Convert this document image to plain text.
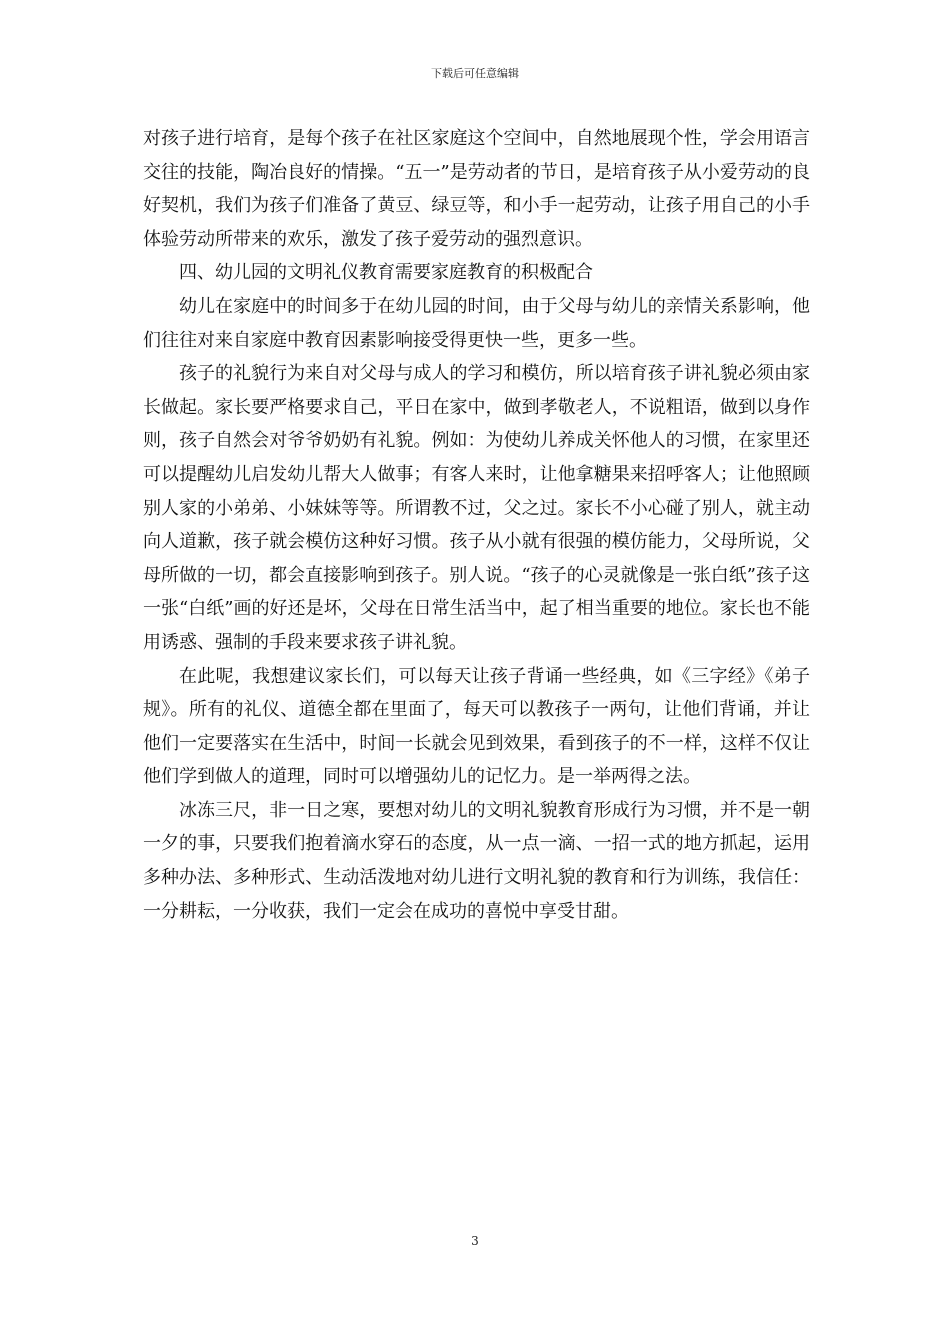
下载后可任意编辑

对孩子进行培育，是每个孩子在社区家庭这个空间中，自然地展现个性，学会用语言交往的技能，陶冶良好的情操。“五一”是劳动者的节日，是培育孩子从小爱劳动的良好契机，我们为孩子们准备了黄豆、绿豆等，和小手一起劳动，让孩子用自己的小手体验劳动所带来的欢乐，激发了孩子爱劳动的强烈意识。

四、幼儿园的文明礼仪教育需要家庭教育的积极配合

幼儿在家庭中的时间多于在幼儿园的时间，由于父母与幼儿的亲情关系影响，他们往往对来自家庭中教育因素影响接受得更快一些，更多一些。

孩子的礼貌行为来自对父母与成人的学习和模仿，所以培育孩子讲礼貌必须由家长做起。家长要严格要求自己，平日在家中，做到孝敬老人，不说粗语，做到以身作则，孩子自然会对爷爷奶奶有礼貌。例如：为使幼儿养成关怀他人的习惯，在家里还可以提醒幼儿启发幼儿帮大人做事；有客人来时，让他拿糖果来招呼客人；让他照顾别人家的小弟弟、小妹妹等等。所谓教不过，父之过。家长不小心碰了别人，就主动向人道歉，孩子就会模仿这种好习惯。孩子从小就有很强的模仿能力，父母所说，父母所做的一切，都会直接影响到孩子。别人说。“孩子的心灵就像是一张白纸”孩子这一张“白纸”画的好还是坏，父母在日常生活当中，起了相当重要的地位。家长也不能用诱惑、强制的手段来要求孩子讲礼貌。

在此呢，我想建议家长们，可以每天让孩子背诵一些经典，如《三字经》《弟子规》。所有的礼仪、道德全都在里面了，每天可以教孩子一两句，让他们背诵，并让他们一定要落实在生活中，时间一长就会见到效果，看到孩子的不一样，这样不仅让他们学到做人的道理，同时可以增强幼儿的记忆力。是一举两得之法。

冰冻三尺，非一日之寒，要想对幼儿的文明礼貌教育形成行为习惯，并不是一朝一夕的事，只要我们抱着滴水穿石的态度，从一点一滴、一招一式的地方抓起，运用多种办法、多种形式、生动活泼地对幼儿进行文明礼貌的教育和行为训练，我信任：一分耕耘，一分收获，我们一定会在成功的喜悦中享受甘甜。

3
